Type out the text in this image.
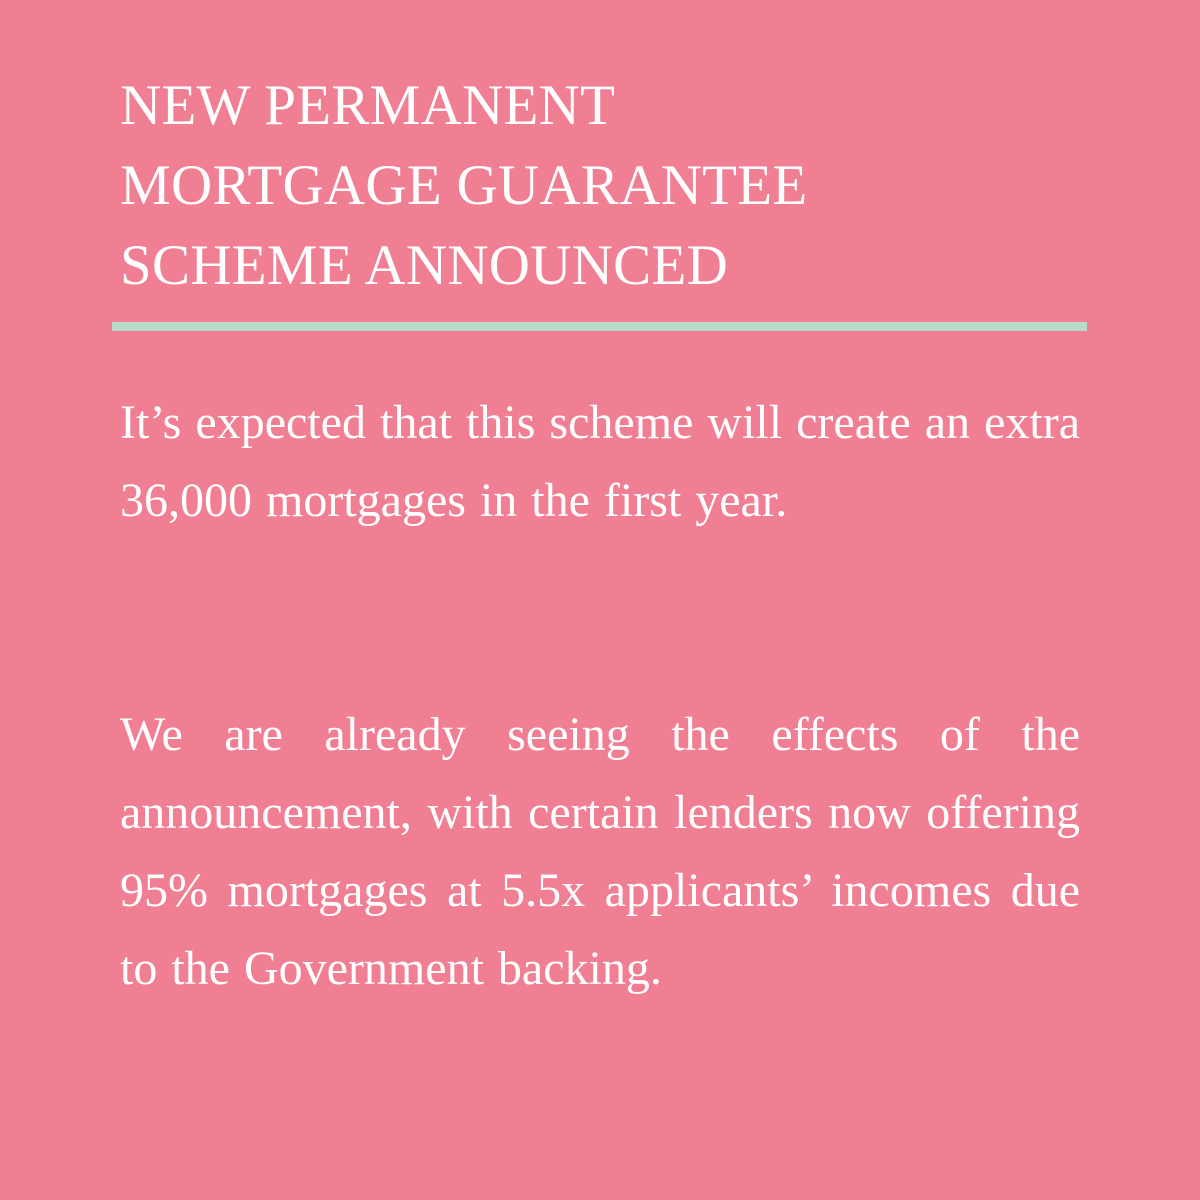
NEW PERMANENT
MORTGAGE GUARANTEE
SCHEME ANNOUNCED

It’s expected that this scheme will create an extra 36,000 mortgages in the first year.

We are already seeing the effects of the announcement, with certain lenders now offering 95% mortgages at 5.5x applicants’ incomes due to the Government backing.
